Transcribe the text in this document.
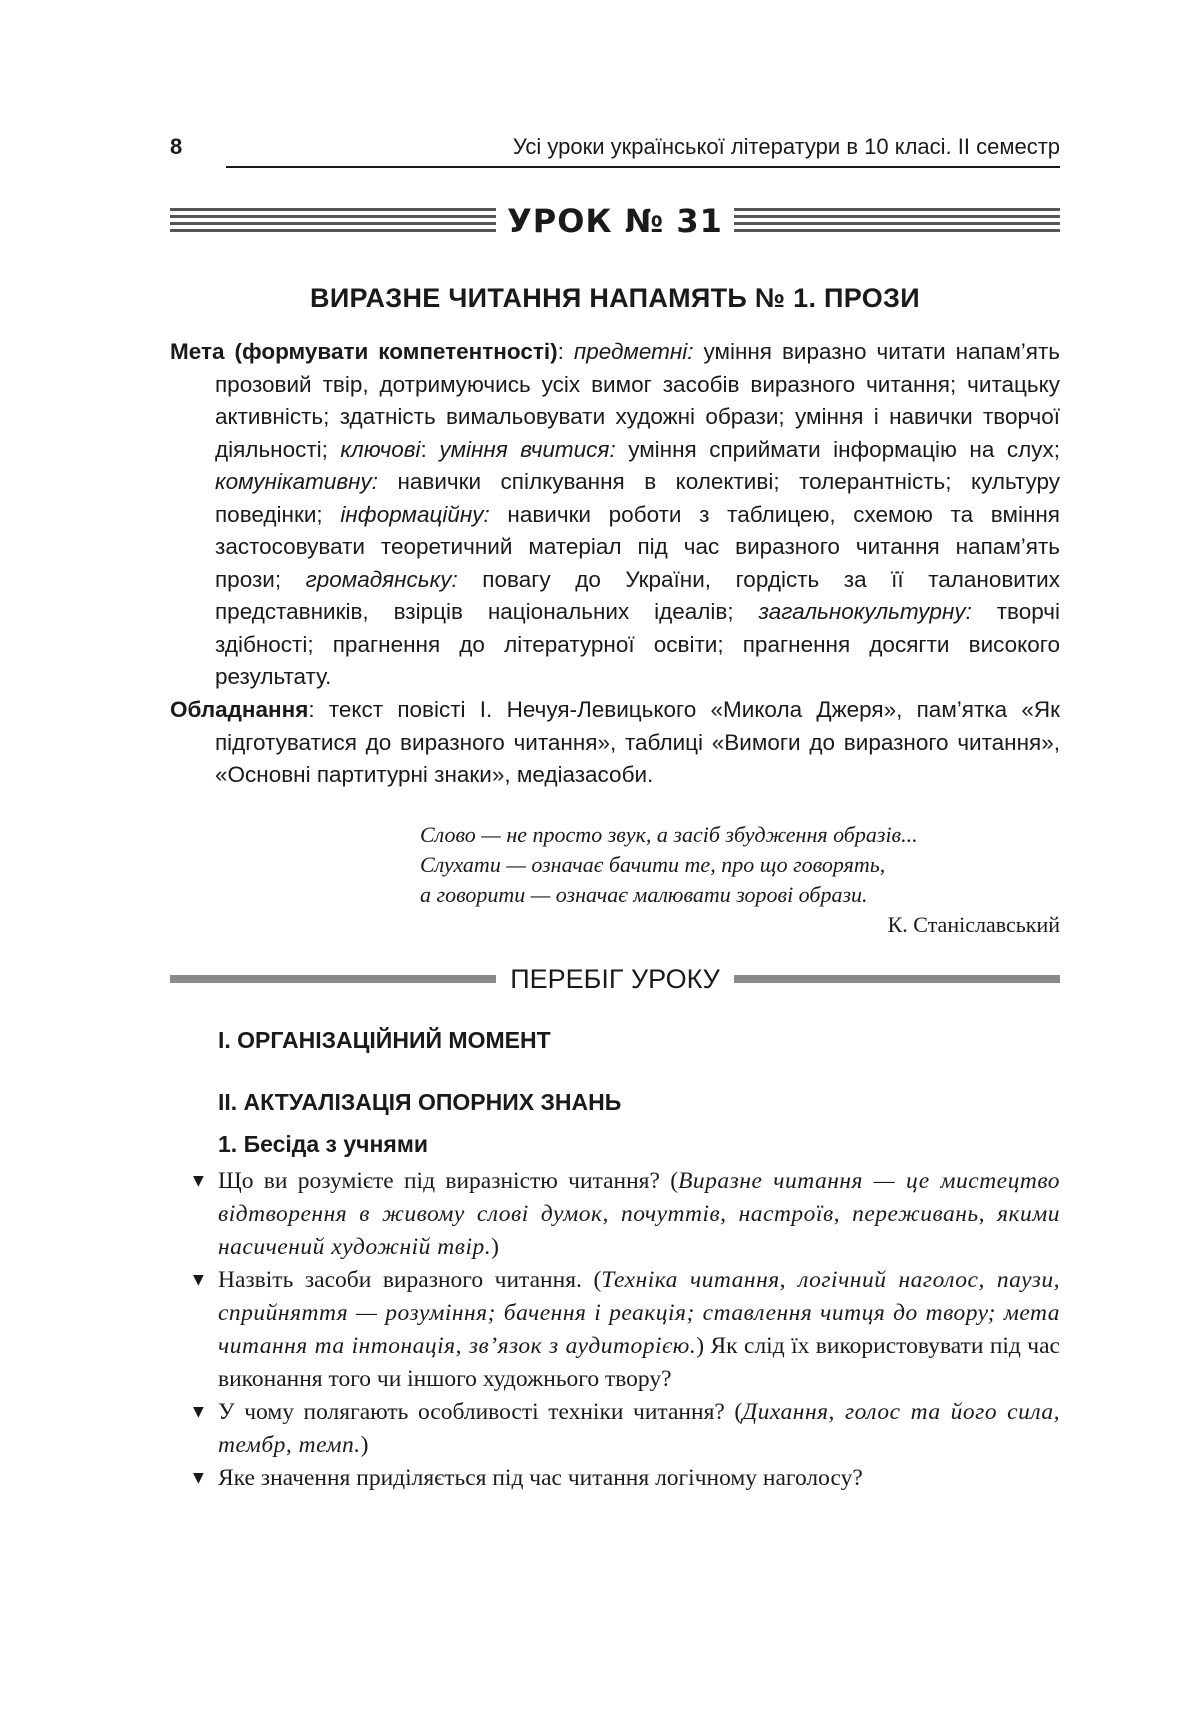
8	Усі уроки української літератури в 10 класі. ІІ семестр
УРОК № 31
ВИРАЗНЕ ЧИТАННЯ НАПАМЯТЬ № 1. ПРОЗИ
Мета (формувати компетентності): предметні: уміння виразно читати напам’ять прозовий твір, дотримуючись усіх вимог засобів виразного читання; читацьку активність; здатність вимальовувати художні образи; уміння і навички творчої діяльності; ключові: уміння вчитися: уміння сприймати інформацію на слух; комунікативну: навички спілкування в колективі; толерантність; культуру поведінки; інформаційну: навички роботи з таблицею, схемою та вміння застосовувати теоретичний матеріал під час виразного читання напам’ять прози; громадянську: повагу до України, гордість за її талановитих представників, взірців національних ідеалів; загальнокультурну: творчі здібності; прагнення до літературної освіти; прагнення досягти високого результату.
Обладнання: текст повісті І. Нечуя-Левицького «Микола Джеря», пам’ятка «Як підготуватися до виразного читання», таблиці «Вимоги до виразного читання», «Основні партитурні знаки», медіазасоби.
Слово — не просто звук, а засіб збудження образів...
Слухати — означає бачити те, про що говорять,
а говорити — означає малювати зорові образи.
К. Станіславський
ПЕРЕБІГ УРОКУ
І. ОРГАНІЗАЦІЙНИЙ МОМЕНТ
ІІ. АКТУАЛІЗАЦІЯ ОПОРНИХ ЗНАНЬ
1. Бесіда з учнями
▼ Що ви розумієте під виразністю читання? (Виразне читання — це мистецтво відтворення в живому слові думок, почуттів, настроїв, переживань, якими насичений художній твір.)
▼ Назвіть засоби виразного читання. (Техніка читання, логічний наголос, паузи, сприйняття — розуміння; бачення і реакція; ставлення читця до твору; мета читання та інтонація, зв’язок з аудиторією.) Як слід їх використовувати під час виконання того чи іншого художнього твору?
▼ У чому полягають особливості техніки читання? (Дихання, голос та його сила, тембр, темп.)
▼ Яке значення приділяється під час читання логічному наголосу?
